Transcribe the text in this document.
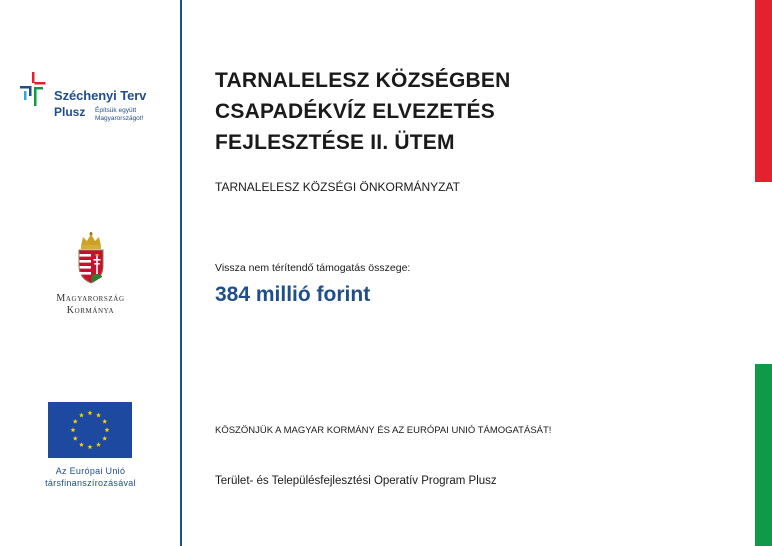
Széchenyi Terv
Plusz Építsük együtt
Magyarországot!
Magyarország
Kormánya
Az Európai Unió
társfinanszírozásával
TARNALELESZ KÖZSÉGBEN
CSAPADÉKVÍZ ELVEZETÉS
FEJLESZTÉSE II. ÜTEM
TARNALELESZ KÖZSÉGI ÖNKORMÁNYZAT
Vissza nem térítendő támogatás összege:
384 millió forint
KÖSZÖNJÜK A MAGYAR KORMÁNY ÉS AZ EURÓPAI UNIÓ TÁMOGATÁSÁT!
Terület- és Településfejlesztési Operatív Program Plusz
